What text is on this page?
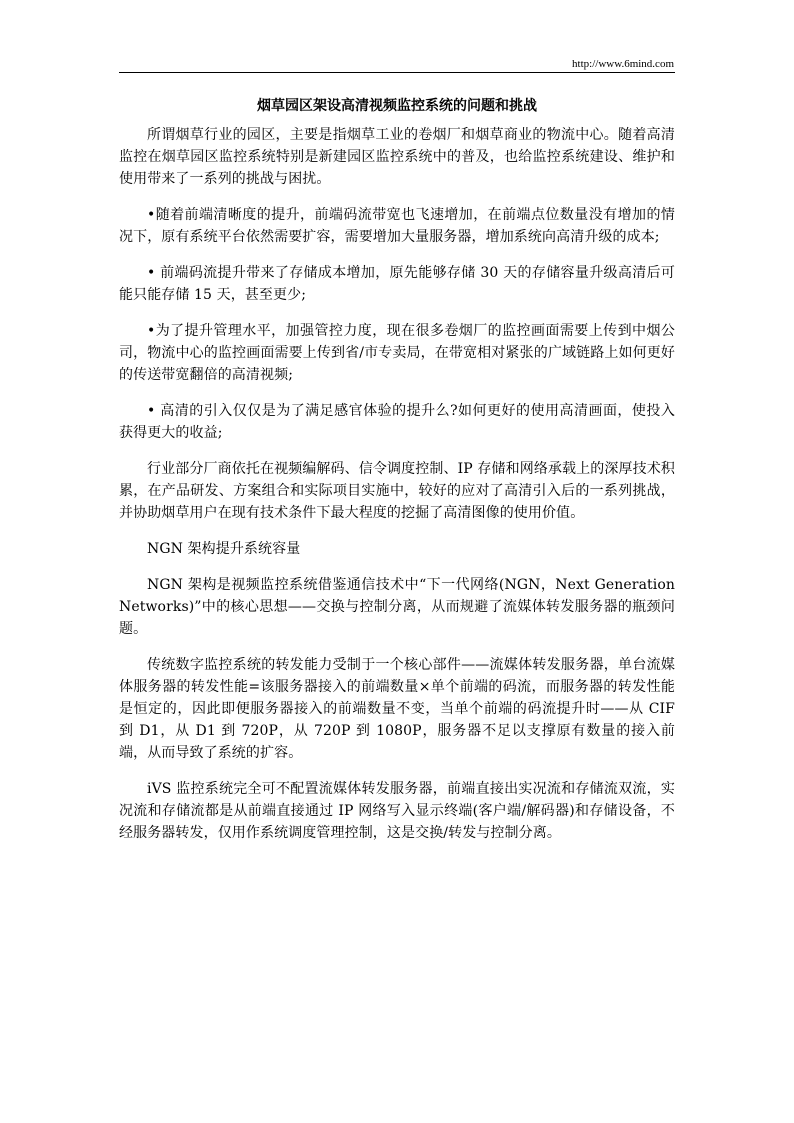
http://www.6mind.com
烟草园区架设高清视频监控系统的问题和挑战

所谓烟草行业的园区，主要是指烟草工业的卷烟厂和烟草商业的物流中心。随着高清监控在烟草园区监控系统特别是新建园区监控系统中的普及，也给监控系统建设、维护和使用带来了一系列的挑战与困扰。

•随着前端清晰度的提升，前端码流带宽也飞速增加，在前端点位数量没有增加的情况下，原有系统平台依然需要扩容，需要增加大量服务器，增加系统向高清升级的成本;

• 前端码流提升带来了存储成本增加，原先能够存储 30 天的存储容量升级高清后可能只能存储 15 天，甚至更少;

•为了提升管理水平，加强管控力度，现在很多卷烟厂的监控画面需要上传到中烟公司，物流中心的监控画面需要上传到省/市专卖局，在带宽相对紧张的广域链路上如何更好的传送带宽翻倍的高清视频;

• 高清的引入仅仅是为了满足感官体验的提升么?如何更好的使用高清画面，使投入获得更大的收益;

行业部分厂商依托在视频编解码、信令调度控制、IP 存储和网络承载上的深厚技术积累，在产品研发、方案组合和实际项目实施中，较好的应对了高清引入后的一系列挑战，并协助烟草用户在现有技术条件下最大程度的挖掘了高清图像的使用价值。

NGN 架构提升系统容量

NGN 架构是视频监控系统借鉴通信技术中“下一代网络(NGN，Next GenerationNetworks)”中的核心思想——交换与控制分离，从而规避了流媒体转发服务器的瓶颈问题。

传统数字监控系统的转发能力受制于一个核心部件——流媒体转发服务器，单台流媒体服务器的转发性能=该服务器接入的前端数量×单个前端的码流，而服务器的转发性能是恒定的，因此即便服务器接入的前端数量不变，当单个前端的码流提升时——从 CIF 到 D1，从 D1 到 720P，从 720P 到 1080P，服务器不足以支撑原有数量的接入前端，从而导致了系统的扩容。

iVS 监控系统完全可不配置流媒体转发服务器，前端直接出实况流和存储流双流，实况流和存储流都是从前端直接通过 IP 网络写入显示终端(客户端/解码器)和存储设备，不经服务器转发，仅用作系统调度管理控制，这是交换/转发与控制分离。
